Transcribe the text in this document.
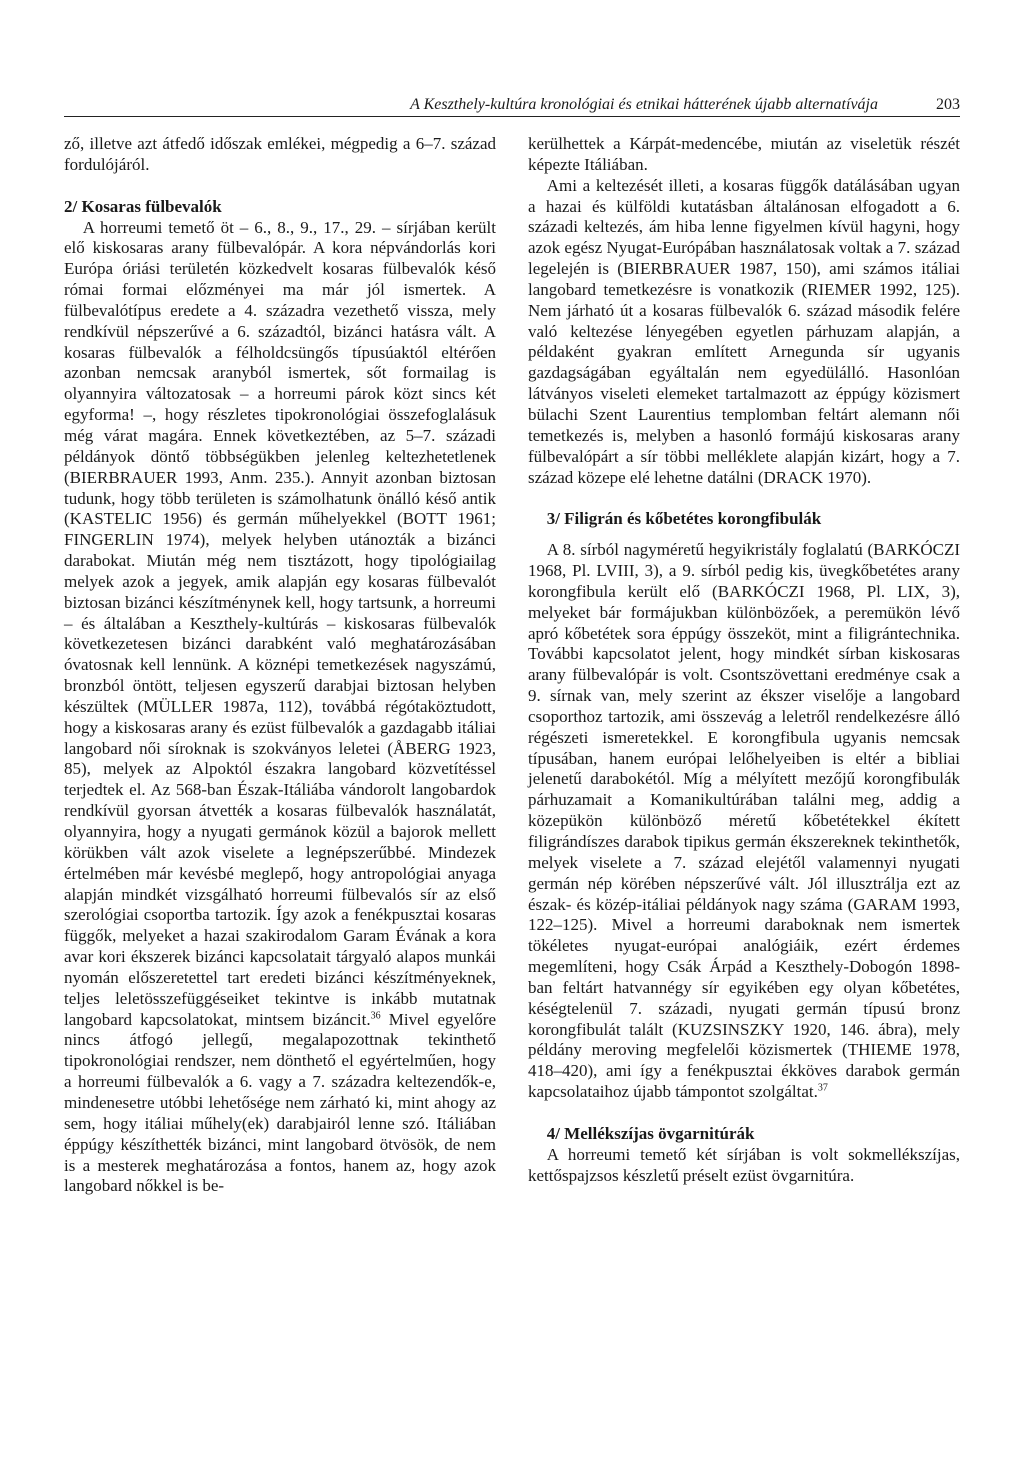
A Keszthely-kultúra kronológiai és etnikai hátterének újabb alternatívája	203

ző, illetve azt átfedő időszak emlékei, mégpedig a 6–7. század fordulójáról.

2/ Kosaras fülbevalók

A horreumi temető öt – 6., 8., 9., 17., 29. – sírjában került elő kiskosaras arany fülbevalópár. A kora népvándorlás kori Európa óriási területén közkedvelt kosaras fülbevalók késő római formai előzményei ma már jól ismertek. A fülbevalótípus eredete a 4. századra vezethető vissza, mely rendkívül népszerűvé a 6. századtól, bizánci hatásra vált. A kosaras fülbevalók a félholdcsüngős típusúaktól eltérően azonban nemcsak aranyból ismertek, sőt formailag is olyannyira változatosak – a horreumi párok közt sincs két egyforma! –, hogy részletes tipokronológiai összefoglalásuk még várat magára. Ennek következtében, az 5–7. századi példányok döntő többségükben jelenleg keltezhetetlenek (BIERBRAUER 1993, Anm. 235.). Annyit azonban biztosan tudunk, hogy több területen is számolhatunk önálló késő antik (KASTELIC 1956) és germán műhelyekkel (BOTT 1961; FINGERLIN 1974), melyek helyben utánozták a bizánci darabokat. Miután még nem tisztázott, hogy tipológiailag melyek azok a jegyek, amik alapján egy kosaras fülbevalót biztosan bizánci készítménynek kell, hogy tartsunk, a horreumi – és általában a Keszthely-kultúrás – kiskosaras fülbevalók következetesen bizánci darabként való meghatározásában óvatosnak kell lennünk. A köznépi temetkezések nagyszámú, bronzból öntött, teljesen egyszerű darabjai biztosan helyben készültek (MÜLLER 1987a, 112), továbbá régótaköztudott, hogy a kiskosaras arany és ezüst fülbevalók a gazdagabb itáliai langobard női síroknak is szokványos leletei (ÅBERG 1923, 85), melyek az Alpoktól északra langobard közvetítéssel terjedtek el. Az 568-ban Észak-Itáliába vándorolt langobardok rendkívül gyorsan átvették a kosaras fülbevalók használatát, olyannyira, hogy a nyugati germánok közül a bajorok mellett körükben vált azok viselete a legnépszerűbbé. Mindezek értelmében már kevésbé meglepő, hogy antropológiai anyaga alapján mindkét vizsgálható horreumi fülbevalós sír az első szerológiai csoportba tartozik. Így azok a fenékpusztai kosaras függők, melyeket a hazai szakirodalom Garam Évának a kora avar kori ékszerek bizánci kapcsolatait tárgyaló alapos munkái nyomán előszeretettel tart eredeti bizánci készítményeknek, teljes leletösszefüggéseiket tekintve is inkább mutatnak langobard kapcsolatokat, mintsem bizáncit.$^{36}$ Mivel egyelőre nincs átfogó jellegű, megalapozottnak tekinthető tipokronológiai rendszer, nem dönthető el egyértelműen, hogy a horreumi fülbevalók a 6. vagy a 7. századra keltezendők-e, mindenesetre utóbbi lehetősége nem zárható ki, mint ahogy az sem, hogy itáliai műhely(ek) darabjairól lenne szó. Itáliában éppúgy készíthették bizánci, mint langobard ötvösök, de nem is a mesterek meghatározása a fontos, hanem az, hogy azok langobard nőkkel is be-

kerülhettek a Kárpát-medencébe, miután az viseletük részét képezte Itáliában.

Ami a keltezését illeti, a kosaras függők datálásában ugyan a hazai és külföldi kutatásban általánosan elfogadott a 6. századi keltezés, ám hiba lenne figyelmen kívül hagyni, hogy azok egész Nyugat-Európában használatosak voltak a 7. század legelején is (BIERBRAUER 1987, 150), ami számos itáliai langobard temetkezésre is vonatkozik (RIEMER 1992, 125). Nem járható út a kosaras fülbevalók 6. század második felére való keltezése lényegében egyetlen párhuzam alapján, a példaként gyakran említett Arnegunda sír ugyanis gazdagságában egyáltalán nem egyedülálló. Hasonlóan látványos viseleti elemeket tartalmazott az éppúgy közismert bülachi Szent Laurentius templomban feltárt alemann női temetkezés is, melyben a hasonló formájú kiskosaras arany fülbevalópárt a sír többi melléklete alapján kizárt, hogy a 7. század közepe elé lehetne datálni (DRACK 1970).

3/ Filigrán és kőbetétes korongfibulák

A 8. sírból nagyméretű hegyikristály foglalatú (BARKÓCZI 1968, Pl. LVIII, 3), a 9. sírból pedig kis, üvegkőbetétes arany korongfibula került elő (BARKÓCZI 1968, Pl. LIX, 3), melyeket bár formájukban különbözőek, a peremükön lévő apró kőbetétek sora éppúgy összeköt, mint a filigrántechnika. További kapcsolatot jelent, hogy mindkét sírban kiskosaras arany fülbevalópár is volt. Csontszövettani eredménye csak a 9. sírnak van, mely szerint az ékszer viselője a langobard csoporthoz tartozik, ami összevág a leletről rendelkezésre álló régészeti ismeretekkel. E korongfibula ugyanis nemcsak típusában, hanem európai lelőhelyeiben is eltér a bibliai jelenetű darabokétól. Míg a mélyített mezőjű korongfibulák párhuzamait a Komanikultúrában találni meg, addig a közepükön különböző méretű kőbetétekkel ékített filigrándíszes darabok tipikus germán ékszereknek tekinthetők, melyek viselete a 7. század elejétől valamennyi nyugati germán nép körében népszerűvé vált. Jól illusztrálja ezt az észak- és közép-itáliai példányok nagy száma (GARAM 1993, 122–125). Mivel a horreumi daraboknak nem ismertek tökéletes nyugat-európai analógiáik, ezért érdemes megemlíteni, hogy Csák Árpád a Keszthely-Dobogón 1898-ban feltárt hatvannégy sír egyikében egy olyan kőbetétes, késégtelenül 7. századi, nyugati germán típusú bronz korongfibulát talált (KUZSINSZKY 1920, 146. ábra), mely példány meroving megfelelői közismertek (THIEME 1978, 418–420), ami így a fenékpusztai ékköves darabok germán kapcsolataihoz újabb támpontot szolgáltat.$^{37}$

4/ Mellékszíjas övgarnitúrák

A horreumi temető két sírjában is volt sokmellékszíjas, kettőspajzsos készletű préselt ezüst övgarnitúra.
